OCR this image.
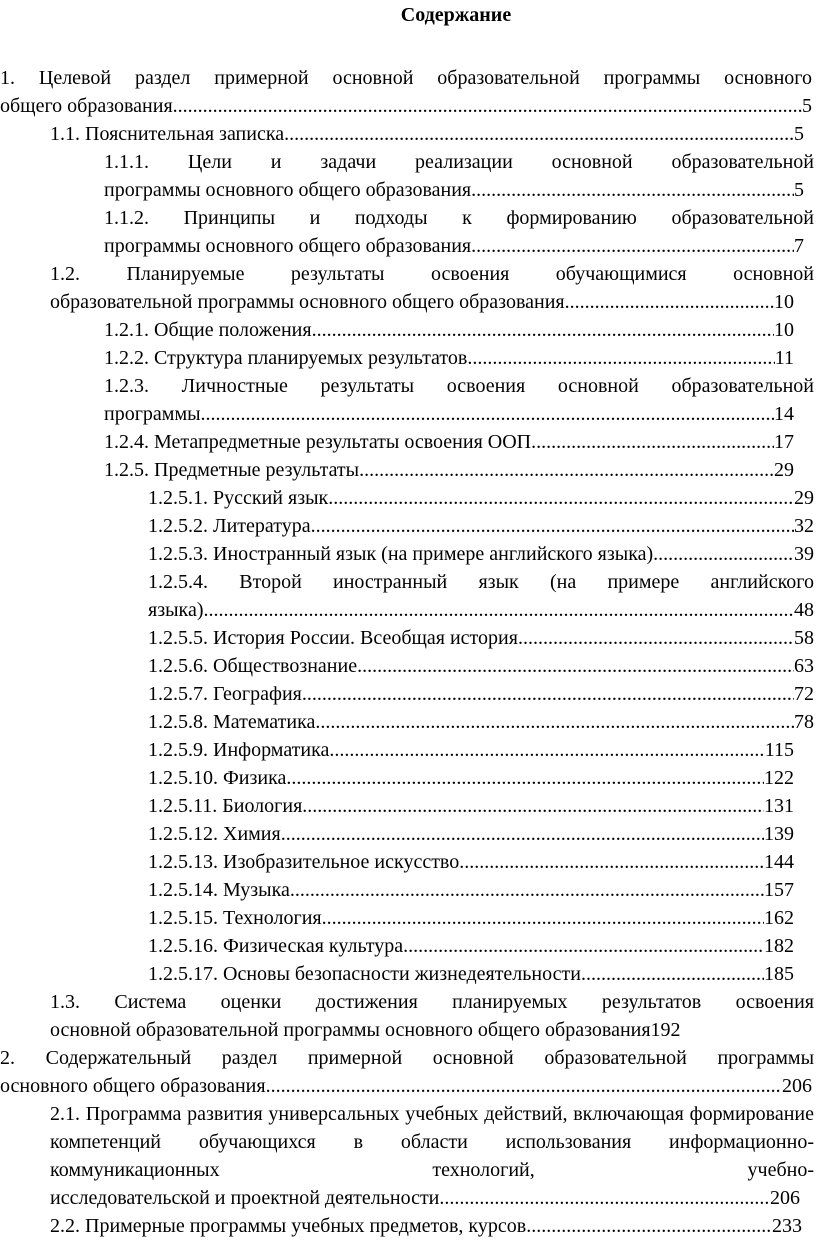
Содержание
1. Целевой раздел примерной основной образовательной программы основного
общего образования .....	5
1.1. Пояснительная записка .....	5
1.1.1. Цели и задачи реализации основной образовательной
программы основного общего образования .....	5
1.1.2. Принципы и подходы к формированию образовательной
программы основного общего образования .....	7
1.2. Планируемые результаты освоения обучающимися основной
образовательной программы основного общего образования .....	10
1.2.1. Общие положения .....	10
1.2.2. Структура планируемых результатов .....	11
1.2.3. Личностные результаты освоения основной образовательной
программы .....	14
1.2.4. Метапредметные результаты освоения ООП .....	17
1.2.5. Предметные результаты .....	29
1.2.5.1. Русский язык .....	29
1.2.5.2. Литература .....	32
1.2.5.3. Иностранный язык (на примере английского языка) .....	39
1.2.5.4. Второй иностранный язык (на примере английского
языка) .....	48
1.2.5.5. История России. Всеобщая история .....	58
1.2.5.6. Обществознание .....	63
1.2.5.7. География .....	72
1.2.5.8. Математика .....	78
1.2.5.9. Информатика .....	115
1.2.5.10. Физика .....	122
1.2.5.11. Биология .....	131
1.2.5.12. Химия .....	139
1.2.5.13. Изобразительное искусство .....	144
1.2.5.14. Музыка .....	157
1.2.5.15. Технология .....	162
1.2.5.16. Физическая культура .....	182
1.2.5.17. Основы безопасности жизнедеятельности .....	185
1.3. Система оценки достижения планируемых результатов освоения
основной образовательной программы основного общего образования 192
2. Содержательный раздел примерной основной образовательной программы
основного общего образования .....	206
2.1. Программа развития универсальных учебных действий, включающая формирование компетенций обучающихся в области использования информационно-коммуникационных технологий, учебно-
исследовательской и проектной деятельности .....	206
2.2. Примерные программы учебных предметов, курсов .....	233
